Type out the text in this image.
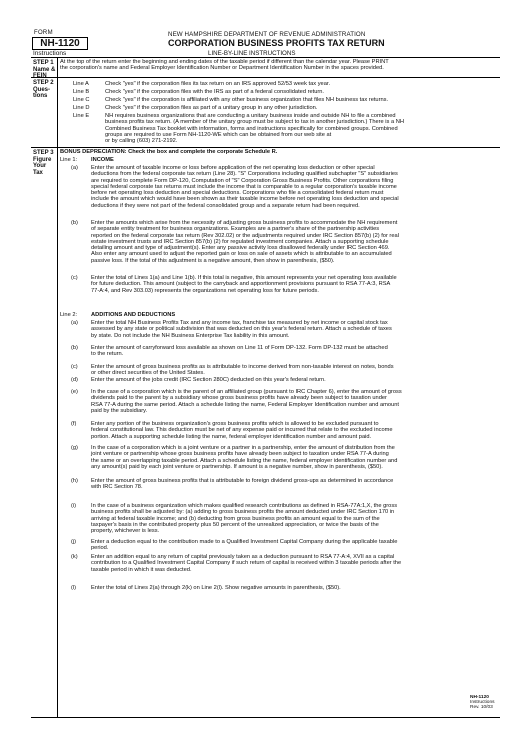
FORM
NH-1120
Instructions
NEW HAMPSHIRE DEPARTMENT OF REVENUE ADMINISTRATION
CORPORATION BUSINESS PROFITS TAX RETURN
LINE-BY-LINE INSTRUCTIONS
STEP 1
Name &
FEIN
At the top of the return enter the beginning and ending dates of the taxable period if different than the calendar year. Please PRINT
the corporation's name and Federal Employer Identification Number or Department Identification Number in the spaces provided.
STEP 2
Ques-
tions
Line A	Check "yes" if the corporation files its tax return on an IRS approved 52/53 week tax year.
Line B	Check "yes" if the corporation files with the IRS as part of a federal consolidated return.
Line C	Check "yes" if the corporation is affiliated with any other business organization that files NH business tax returns.
Line D	Check "yes" if the corporation files as part of a unitary group in any other jurisdiction.
Line E	NH requires business organizations that are conducting a unitary business inside and outside NH to file a combined
business profits tax return. (A member of the unitary group must be subject to tax in another jurisdiction.) There is a NH
Combined Business Tax booklet with information, forms and instructions specifically for combined groups. Combined
groups are required to use Form NH-1120-WE which can be obtained from our web site at
or by calling (603) 271-2192.
STEP 3
Figure
Your
Tax
BONUS DEPRECIATION: Check the box and complete the corporate Schedule R.
Line 1: INCOME
(a) Enter the amount of taxable income or loss before application of the net operating loss deduction or other special
deductions from the federal corporate tax return (Line 28). "S" Corporations including qualified subchapter "S" subsidiaries
are required to complete Form DP-120, Computation of "S" Corporation Gross Business Profits. Other corporations filing
special federal corporate tax returns must include the income that is comparable to a regular corporation's taxable income
before net operating loss deduction and special deductions. Corporations who file a consolidated federal return must
include the amount which would have been shown as their taxable income before net operating loss deduction and special
deductions if they were not part of the federal consolidated group and a separate return had been required.
(b) Enter the amounts which arise from the necessity of adjusting gross business profits to accommodate the NH requirement
of separate entity treatment for business organizations. Examples are a partner's share of the partnership activities
reported on the federal corporate tax return (Rev 302.02) or the adjustments required under IRC Section 857(b) (2) for real
estate investment trusts and IRC Section 857(b) (2) for regulated investment companies. Attach a supporting schedule
detailing amount and type of adjustment(s). Enter any passive activity loss disallowed federally under IRC Section 469.
Also enter any amount used to adjust the reported gain or loss on sale of assets which is attributable to an accumulated
passive loss. If the total of this adjustment is a negative amount, then show in parenthesis, ($50).
(c) Enter the total of Lines 1(a) and Line 1(b). If this total is negative, this amount represents your net operating loss available
for future deduction. This amount (subject to the carryback and apportionment provisions pursuant to RSA 77-A:3, RSA
77-A:4, and Rev 303.03) represents the organizations net operating loss for future periods.
Line 2: ADDITIONS AND DEDUCTIONS
(a) Enter the total NH Business Profits Tax and any income tax, franchise tax measured by net income or capital stock tax
assessed by any state or political subdivision that was deducted on this year's federal return. Attach a schedule of taxes
by state. Do not include the NH Business Enterprise Tax liability in this amount.
(b) Enter the amount of carryforward loss available as shown on Line 11 of Form DP-132. Form DP-132 must be attached
to the return.
(c) Enter the amount of gross business profits as is attributable to income derived from non-taxable interest on notes, bonds
or other direct securities of the United States.
(d) Enter the amount of the jobs credit (IRC Section 280C) deducted on this year's federal return.
(e) In the case of a corporation which is the parent of an affiliated group (pursuant to IRC Chapter 6), enter the amount of gross
dividends paid to the parent by a subsidiary whose gross business profits have already been subject to taxation under
RSA 77-A during the same period. Attach a schedule listing the name, Federal Employer Identification number and amount
paid by the subsidiary.
(f)	Enter any portion of the business organization's gross business profits which is allowed to be excluded pursuant to
federal constitutional law. This deduction must be net of any expense paid or incurred that relate to the excluded income
portion. Attach a supporting schedule listing the name, federal employer identification number and amount paid.
(g) In the case of a corporation which is a joint venture or a partner in a partnership, enter the amount of distribution from the
joint venture or partnership whose gross business profits have already been subject to taxation under RSA 77-A during
the same or an overlapping taxable period. Attach a schedule listing the name, federal employer identification number and
any amount(s) paid by each joint venture or partnership. If amount is a negative number, show in parenthesis, ($50).
(h) Enter the amount of gross business profits that is attributable to foreign dividend gross-ups as determined in accordance
with IRC Section 78.
(i)	In the case of a business organization which makes qualified research contributions as defined in RSA-77A:1,X, the gross
business profits shall be adjusted by: (a) adding to gross business profits the amount deducted under IRC Section 170 in
arriving at federal taxable income; and (b) deducting from gross business profits an amount equal to the sum of the
taxpayer's basis in the contributed property plus 50 percent of the unrealized appreciation, or twice the basis of the
property, whichever is less.
(j)	Enter a deduction equal to the contribution made to a Qualified Investment Capital Company during the applicable taxable
period.
(k) Enter an addition equal to any return of capital previously taken as a deduction pursuant to RSA 77-A:4, XVII as a capital
contribution to a Qualified Investment Capital Company if such return of capital is received within 3 taxable periods after the
taxable period in which it was deducted.
(l)	Enter the total of Lines 2(a) through 2(k) on Line 2(l). Show negative amounts in parenthesis, ($50).
NH-1120
Instructions
Rev. 10/03
